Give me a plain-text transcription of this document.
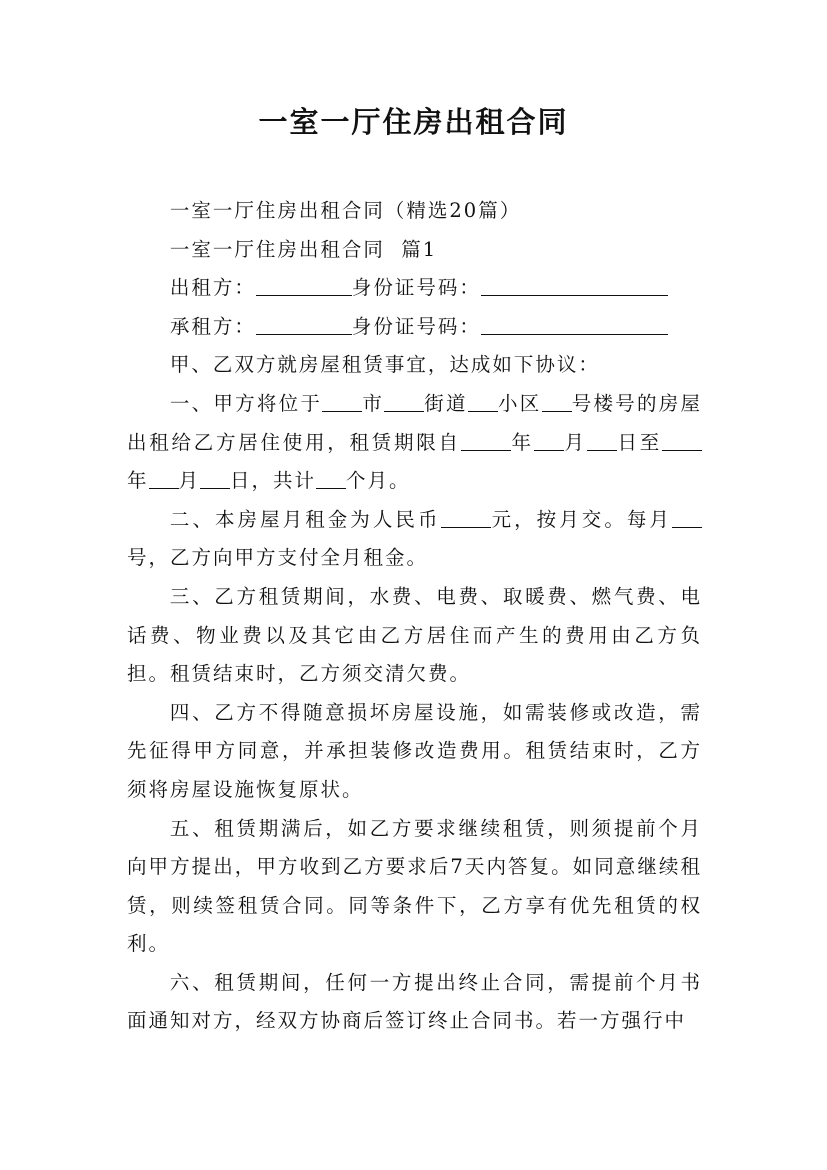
一室一厅住房出租合同

一室一厅住房出租合同（精选20篇）

一室一厅住房出租合同  篇1

出租方：	身份证号码：

承租方：	身份证号码：

甲、乙双方就房屋租赁事宜，达成如下协议：

一、甲方将位于 市 街道 小区 号楼号的房屋出租给乙方居住使用，租赁期限自	年 月 日至年 月 日，共计 个月。

二、本房屋月租金为人民币	元，按月交。每月号，乙方向甲方支付全月租金。

三、乙方租赁期间，水费、电费、取暖费、燃气费、电话费、物业费以及其它由乙方居住而产生的费用由乙方负担。租赁结束时，乙方须交清欠费。

四、乙方不得随意损坏房屋设施，如需装修或改造，需先征得甲方同意，并承担装修改造费用。租赁结束时，乙方须将房屋设施恢复原状。

五、租赁期满后，如乙方要求继续租赁，则须提前个月向甲方提出，甲方收到乙方要求后7天内答复。如同意继续租赁，则续签租赁合同。同等条件下，乙方享有优先租赁的权利。

六、租赁期间，任何一方提出终止合同，需提前个月书面通知对方，经双方协商后签订终止合同书。若一方强行中
